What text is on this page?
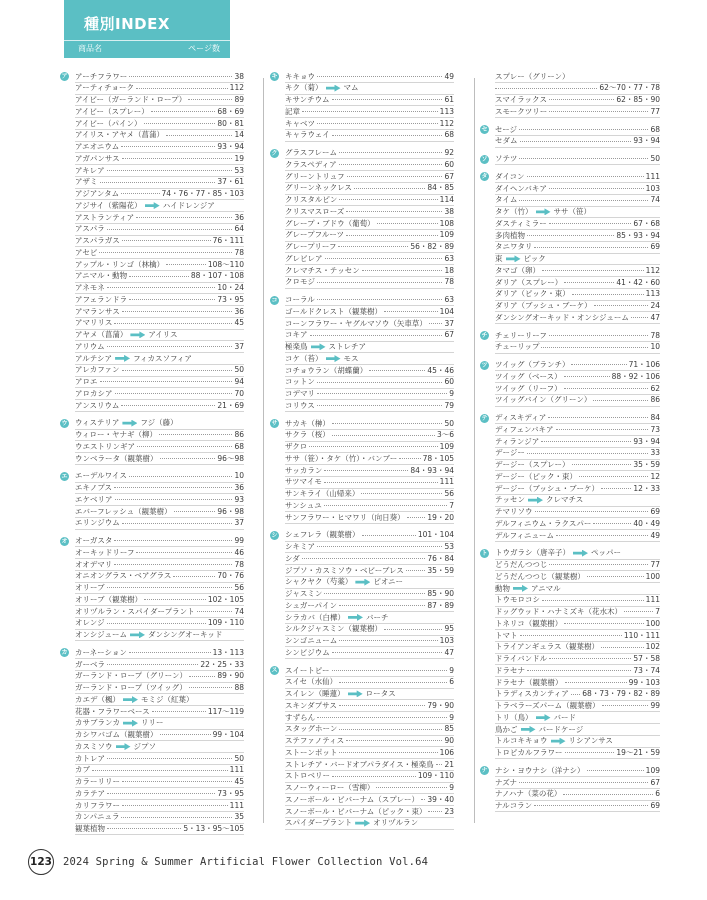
種別INDEX
商品名	ページ数
ア アーチフラワー	38
アーティチョーク	112
アイビー（ガーランド・ロープ）	89
アイビー（スプレー）	68・69
アイビー（パイン）	80・81
アイリス・アヤメ（菖蒲）	14
アエオニウム	93・94
アガパンサス	19
アキレア	53
アザミ	37・61
アジアンタム	74・76・77・85・103
アジサイ（紫陽花）	ハイドレンジア
アストランティア	36
アスパラ	64
アスパラガス	76・111
アセビ	78
アップル・リンゴ（林檎）	108〜110
アニマル・動物	88・107・108
アネモネ	10・24
アフェランドラ	73・95
アマランサス	36
アマリリス	45
アヤメ（菖蒲）	アイリス
アリウム	37
アルテシア	フィカスソフィア
アレカファン	50
アロエ	94
アロカシア	70
アンスリウム	21・69
ウ ウィステリア	フジ（藤）
ウィロー・ヤナギ（柳）	86
ウエストリンギア	68
ウンベラータ（観葉樹）	96〜98
エ エーデルワイス	10
エキノプス	36
エケベリア	93
エバーフレッシュ（観葉樹）	96・98
エリンジウム	37
オ オーガスタ	99
オーキッドリーフ	46
オオデマリ	78
オニオングラス・ベアグラス	70・76
オリーブ	56
オリーブ（観葉樹）	102・105
オリヅルラン・スパイダープラント	74
オレンジ	109・110
オンシジューム	ダンシングオーキッド
カ カーネーション	13・113
ガーベラ	22・25・33
ガーランド・ロープ（グリーン）	89・90
ガーランド・ロープ（ツイッグ）	88
カエデ（楓）	モミジ（紅葉）
花器・フラワーベース	117〜119
カサブランカ	リリー
カシワバゴム（観葉樹）	99・104
カスミソウ	ジプソ
カトレア	50
カブ	111
カラーリリー	45
カラテア	73・95
カリフラワー	111
カンパニュラ	35
観葉植物	5・13・95〜105
キ キキョウ	49
キク（菊）	マム
キサンチウム	61
記章	113
キャベツ	112
キャラウェイ	68
ク グラスフレーム	92
クラスペディア	60
グリーントリュフ	67
グリーンネックレス	84・85
クリスタルピン	114
クリスマスローズ	38
グレープ・ブドウ（葡萄）	108
グレープフルーツ	109
グレープリーフ	56・82・89
グレビレア	63
クレマチス・テッセン	18
クロモジ	78
コ コーラル	63
ゴールドクレスト（観葉樹）	104
コーンフラワー・ヤグルマソウ（矢車草） 37
コキア	67
極楽鳥	ストレチア
コケ（苔）	モス
コチョウラン（胡蝶蘭）	45・46
コットン	60
コデマリ	9
コリウス	79
サ サカキ（榊）	50
サクラ（桜）	3〜6
ザクロ	109
ササ（笹）・タケ（竹）・バンブー	78・105
サッカラン	84・93・94
サツマイモ	111
サンキライ（山帰来）	56
サンシュユ	7
サンフラワー・ヒマワリ（向日葵）	19・20
シ シェフレラ（観葉樹）	101・104
シキミア	53
シダ	76・84
ジプソ・カスミソウ・ベビーブレス	35・59
シャクヤク（芍薬）	ピオニー
ジャスミン	85・90
シュガーパイン	87・89
シラカバ（白樺）	バーチ
シルクジャスミン（観葉樹）	95
シンゴニューム	103
シンビジウム	47
ス スイートピー	9
スイセ（水仙）	6
スイレン（睡蓮）	ロータス
スキンダプサス	79・90
すずらん	9
スタッグホーン	85
ステファノティス	90
ストーンポット	106
ストレチア・バードオブパラダイス・極楽鳥 21
ストロベリー	109・110
スノーウィーロー（雪柳）	9
スノーボール・ビバーナム（スプレー） 39・40
スノーボール・ビバーナム（ピック・束） 23
スパイダープラント	オリヅルラン
スプレー（グリーン）
62〜70・77・78
スマイラックス	62・85・90
スモークツリー	77
セ セージ	68
セダム	93・94
ソ ソテツ	50
タ ダイコン	111
ダイヘンバキア	103
タイム	74
タケ（竹）	ササ（笹）
ダスティミラー	67・68
多肉植物	85・93・94
タニワタリ	69
束	ピック
タマゴ（卵）	112
ダリア（スプレー）	41・42・60
ダリア（ピック・束）	113
ダリア（ブッシュ・ブーケ）	24
ダンシングオーキッド・オンシジューム	47
チ チェリーリーフ	78
チューリップ	10
ツ ツイッグ（ブランチ）	71・106
ツイッグ（ベース）	88・92・106
ツイッグ（リーフ）	62
ツイッグバイン（グリーン）	86
テ ディスキディア	84
ディフェンバキア	73
ティランジア	93・94
デージー	33
デージー（スプレー）	35・59
デージー（ピック・束）	12
デージー（ブッシュ・ブーケ）	12・33
テッセン	クレマチス
テマリソウ	69
デルフィニウム・ラクスパー	40・49
デルフィニューム	49
ト トウガラシ（唐辛子）	ペッパー
どうだんつつじ	77
どうだんつつじ（観葉樹）	100
動物	アニマル
トウモロコシ	111
ドッグウッド・ハナミズキ（花水木）	7
トネリコ（観葉樹）	100
トマト	110・111
トライアンギュラス（観葉樹）	102
ドライバンドル	57・58
ドラセナ	73・74
ドラセナ（観葉樹）	99・103
トラディスカンティア 68・73・79・82・89
トラベラーズパーム（観葉樹）	99
トリ（鳥）	バード
鳥かご	バードケージ
トルコキキョウ	リシアンサス
トロピカルフラワー	19〜21・59
ナ ナシ・ヨウナシ（洋ナシ）	109
ナズナ	67
ナノハナ（菜の花）	6
ナルコラン	69
123 2024 Spring & Summer Artificial Flower Collection Vol.64
